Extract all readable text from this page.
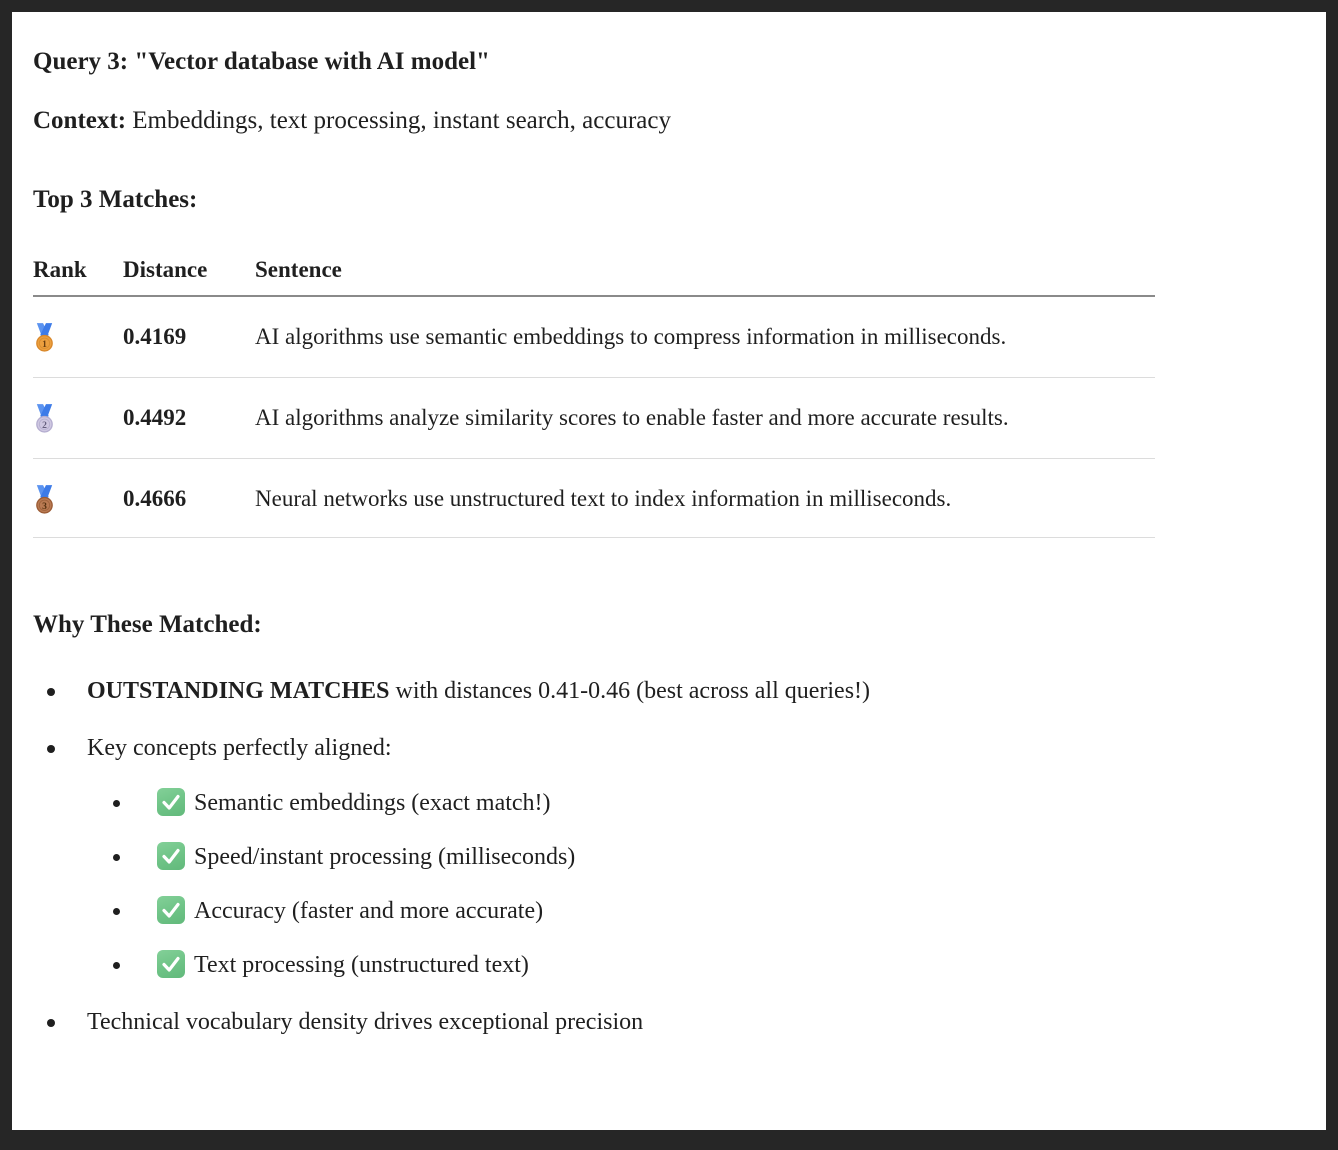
Query 3: "Vector database with AI model"

Context: Embeddings, text processing, instant search, accuracy

Top 3 Matches:

Rank	Distance	Sentence

1	0.4169	AI algorithms use semantic embeddings to compress information in milliseconds.

2	0.4492	AI algorithms analyze similarity scores to enable faster and more accurate results.

3	0.4666	Neural networks use unstructured text to index information in milliseconds.

Why These Matched:

OUTSTANDING MATCHES with distances 0.41-0.46 (best across all queries!)
Key concepts perfectly aligned:
Semantic embeddings (exact match!)
Speed/instant processing (milliseconds)
Accuracy (faster and more accurate)
Text processing (unstructured text)
Technical vocabulary density drives exceptional precision
